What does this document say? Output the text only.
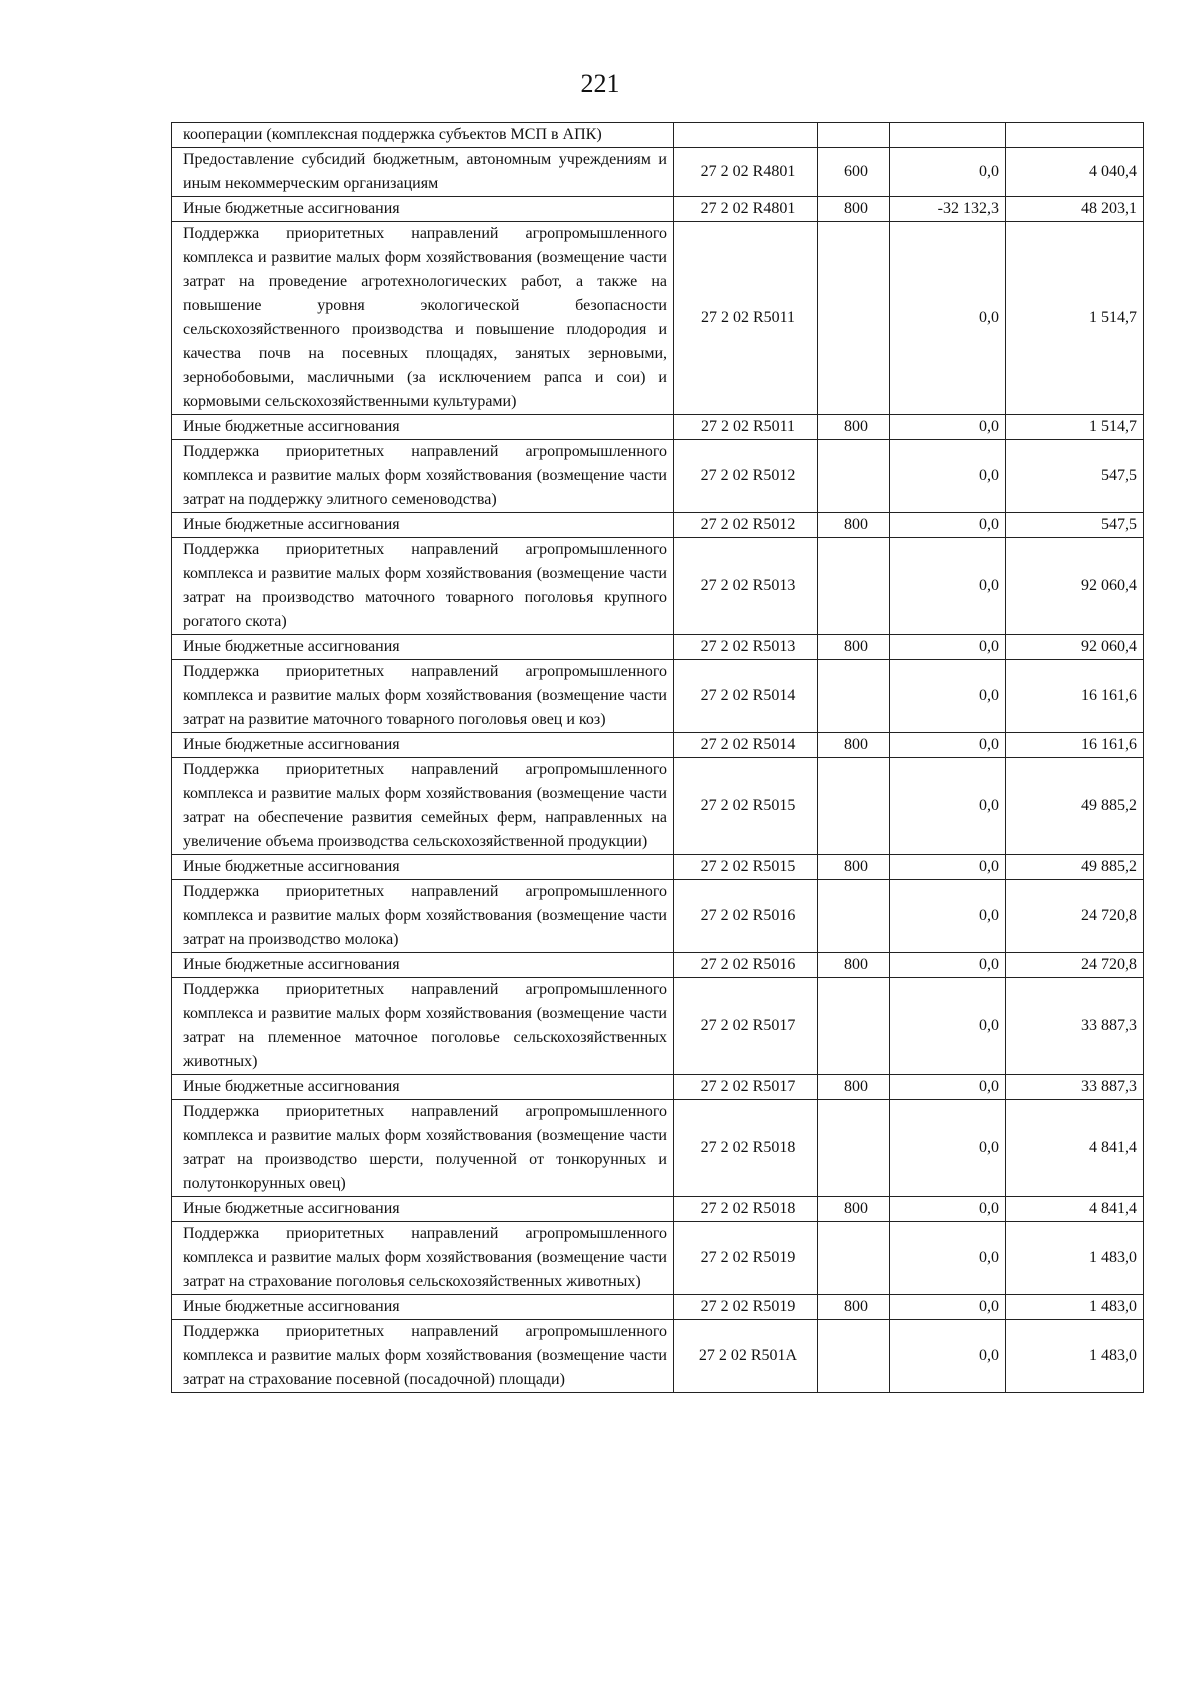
221
кооперации (комплексная поддержка субъектов МСП в АПК)				
Предоставление субсидий бюджетным, автономным учреждениям и иным некоммерческим организациям	27 2 02 R4801	600	0,0	4 040,4
Иные бюджетные ассигнования	27 2 02 R4801	800	-32 132,3	48 203,1
Поддержка приоритетных направлений агропромышленного комплекса и развитие малых форм хозяйствования (возмещение части затрат на проведение агротехнологических работ, а также на повышение уровня экологической безопасности сельскохозяйственного производства и повышение плодородия и качества почв на посевных площадях, занятых зерновыми, зернобобовыми, масличными (за исключением рапса и сои) и кормовыми сельскохозяйственными культурами)	27 2 02 R5011		0,0	1 514,7
Иные бюджетные ассигнования	27 2 02 R5011	800	0,0	1 514,7
Поддержка приоритетных направлений агропромышленного комплекса и развитие малых форм хозяйствования (возмещение части затрат на поддержку элитного семеноводства)	27 2 02 R5012		0,0	547,5
Иные бюджетные ассигнования	27 2 02 R5012	800	0,0	547,5
Поддержка приоритетных направлений агропромышленного комплекса и развитие малых форм хозяйствования (возмещение части затрат на производство маточного товарного поголовья крупного рогатого скота)	27 2 02 R5013		0,0	92 060,4
Иные бюджетные ассигнования	27 2 02 R5013	800	0,0	92 060,4
Поддержка приоритетных направлений агропромышленного комплекса и развитие малых форм хозяйствования (возмещение части затрат на развитие маточного товарного поголовья овец и коз)	27 2 02 R5014		0,0	16 161,6
Иные бюджетные ассигнования	27 2 02 R5014	800	0,0	16 161,6
Поддержка приоритетных направлений агропромышленного комплекса и развитие малых форм хозяйствования (возмещение части затрат на обеспечение развития семейных ферм, направленных на увеличение объема производства сельскохозяйственной продукции)	27 2 02 R5015		0,0	49 885,2
Иные бюджетные ассигнования	27 2 02 R5015	800	0,0	49 885,2
Поддержка приоритетных направлений агропромышленного комплекса и развитие малых форм хозяйствования (возмещение части затрат на производство молока)	27 2 02 R5016		0,0	24 720,8
Иные бюджетные ассигнования	27 2 02 R5016	800	0,0	24 720,8
Поддержка приоритетных направлений агропромышленного комплекса и развитие малых форм хозяйствования (возмещение части затрат на племенное маточное поголовье сельскохозяйственных животных)	27 2 02 R5017		0,0	33 887,3
Иные бюджетные ассигнования	27 2 02 R5017	800	0,0	33 887,3
Поддержка приоритетных направлений агропромышленного комплекса и развитие малых форм хозяйствования (возмещение части затрат на производство шерсти, полученной от тонкорунных и полутонкорунных овец)	27 2 02 R5018		0,0	4 841,4
Иные бюджетные ассигнования	27 2 02 R5018	800	0,0	4 841,4
Поддержка приоритетных направлений агропромышленного комплекса и развитие малых форм хозяйствования (возмещение части затрат на страхование поголовья сельскохозяйственных животных)	27 2 02 R5019		0,0	1 483,0
Иные бюджетные ассигнования	27 2 02 R5019	800	0,0	1 483,0
Поддержка приоритетных направлений агропромышленного комплекса и развитие малых форм хозяйствования (возмещение части затрат на страхование посевной (посадочной) площади)	27 2 02 R501А		0,0	1 483,0
